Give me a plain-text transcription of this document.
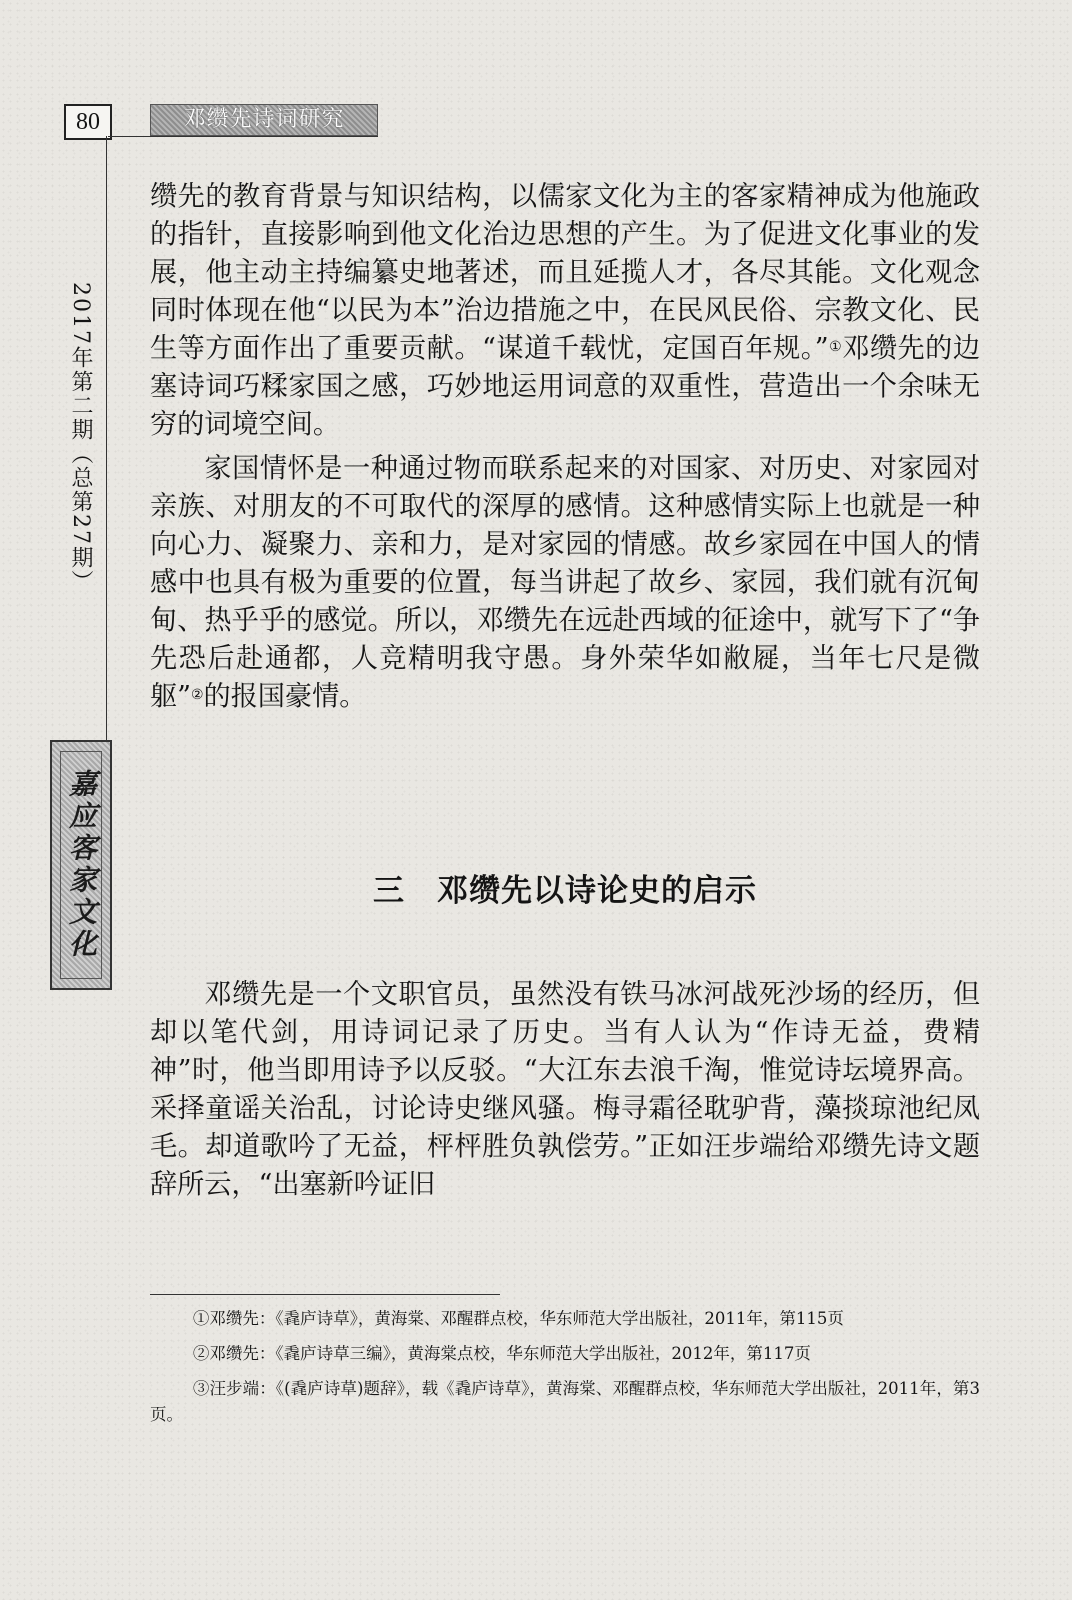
80	邓缵先诗词研究
2017年第二期（总第27期）
嘉应客家文化

缵先的教育背景与知识结构，以儒家文化为主的客家精神成为他施政的指针，直接影响到他文化治边思想的产生。为了促进文化事业的发展，他主动主持编纂史地著述，而且延揽人才，各尽其能。文化观念同时体现在他“以民为本”治边措施之中，在民风民俗、宗教文化、民生等方面作出了重要贡献。“谋道千载忧，定国百年规。”①邓缵先的边塞诗词巧糅家国之感，巧妙地运用词意的双重性，营造出一个余味无穷的词境空间。

家国情怀是一种通过物而联系起来的对国家、对历史、对家园对亲族、对朋友的不可取代的深厚的感情。这种感情实际上也就是一种向心力、凝聚力、亲和力，是对家园的情感。故乡家园在中国人的情感中也具有极为重要的位置，每当讲起了故乡、家园，我们就有沉甸甸、热乎乎的感觉。所以，邓缵先在远赴西域的征途中，就写下了“争先恐后赴通都，人竞精明我守愚。身外荣华如敝屣，当年七尺是微躯”②的报国豪情。

三　邓缵先以诗论史的启示

邓缵先是一个文职官员，虽然没有铁马冰河战死沙场的经历，但却以笔代剑，用诗词记录了历史。当有人认为“作诗无益，费精神”时，他当即用诗予以反驳。“大江东去浪千淘，惟觉诗坛境界高。采择童谣关治乱，讨论诗史继风骚。梅寻霜径耽驴背，藻掞琼池纪凤毛。却道歌吟了无益，枰枰胜负孰偿劳。”正如汪步端给邓缵先诗文题辞所云，“出塞新吟证旧

①邓缵先：《毳庐诗草》，黄海棠、邓醒群点校，华东师范大学出版社，2011年，第115页

②邓缵先：《毳庐诗草三编》，黄海棠点校，华东师范大学出版社，2012年，第117页

③汪步端：《(毳庐诗草)题辞》，载《毳庐诗草》，黄海棠、邓醒群点校，华东师范大学出版社，2011年，第3页。
